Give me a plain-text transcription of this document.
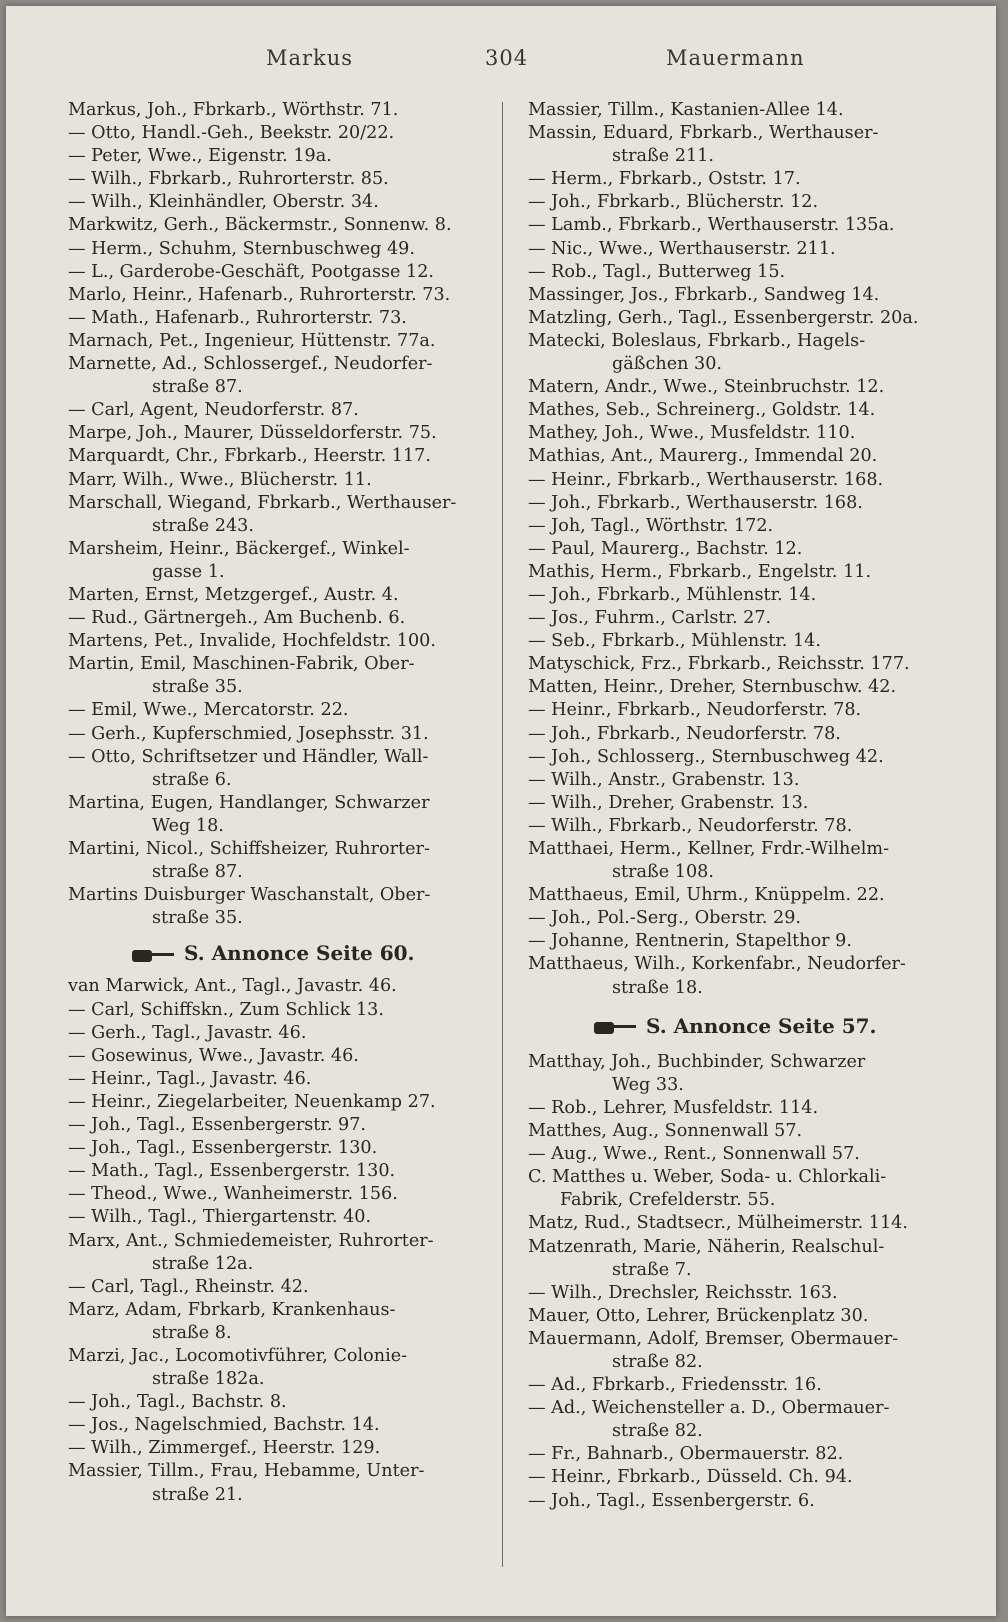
Markus	304	Mauermann
Markus, Joh., Fbrkarb., Wörthstr. 71.
— Otto, Handl.-Geh., Beekstr. 20/22.
— Peter, Wwe., Eigenstr. 19a.
— Wilh., Fbrkarb., Ruhrorterstr. 85.
— Wilh., Kleinhändler, Oberstr. 34.
Markwitz, Gerh., Bäckermstr., Sonnenw. 8.
— Herm., Schuhm, Sternbuschweg 49.
— L., Garderobe-Geschäft, Pootgasse 12.
Marlo, Heinr., Hafenarb., Ruhrorterstr. 73.
— Math., Hafenarb., Ruhrorterstr. 73.
Marnach, Pet., Ingenieur, Hüttenstr. 77a.
Marnette, Ad., Schlossergef., Neudorfer-
straße 87.
— Carl, Agent, Neudorferstr. 87.
Marpe, Joh., Maurer, Düsseldorferstr. 75.
Marquardt, Chr., Fbrkarb., Heerstr. 117.
Marr, Wilh., Wwe., Blücherstr. 11.
Marschall, Wiegand, Fbrkarb., Werthauser-
straße 243.
Marsheim, Heinr., Bäckergef., Winkel-
gasse 1.
Marten, Ernst, Metzgergef., Austr. 4.
— Rud., Gärtnergeh., Am Buchenb. 6.
Martens, Pet., Invalide, Hochfeldstr. 100.
Martin, Emil, Maschinen-Fabrik, Ober-
straße 35.
— Emil, Wwe., Mercatorstr. 22.
— Gerh., Kupferschmied, Josephsstr. 31.
— Otto, Schriftsetzer und Händler, Wall-
straße 6.
Martina, Eugen, Handlanger, Schwarzer
Weg 18.
Martini, Nicol., Schiffsheizer, Ruhrorter-
straße 87.
Martins Duisburger Waschanstalt, Ober-
straße 35.
S. Annonce Seite 60.
van Marwick, Ant., Tagl., Javastr. 46.
— Carl, Schiffskn., Zum Schlick 13.
— Gerh., Tagl., Javastr. 46.
— Gosewinus, Wwe., Javastr. 46.
— Heinr., Tagl., Javastr. 46.
— Heinr., Ziegelarbeiter, Neuenkamp 27.
— Joh., Tagl., Essenbergerstr. 97.
— Joh., Tagl., Essenbergerstr. 130.
— Math., Tagl., Essenbergerstr. 130.
— Theod., Wwe., Wanheimerstr. 156.
— Wilh., Tagl., Thiergartenstr. 40.
Marx, Ant., Schmiedemeister, Ruhrorter-
straße 12a.
— Carl, Tagl., Rheinstr. 42.
Marz, Adam, Fbrkarb, Krankenhaus-
straße 8.
Marzi, Jac., Locomotivführer, Colonie-
straße 182a.
— Joh., Tagl., Bachstr. 8.
— Jos., Nagelschmied, Bachstr. 14.
— Wilh., Zimmergef., Heerstr. 129.
Massier, Tillm., Frau, Hebamme, Unter-
straße 21.
Massier, Tillm., Kastanien-Allee 14.
Massin, Eduard, Fbrkarb., Werthauser-
straße 211.
— Herm., Fbrkarb., Oststr. 17.
— Joh., Fbrkarb., Blücherstr. 12.
— Lamb., Fbrkarb., Werthauserstr. 135a.
— Nic., Wwe., Werthauserstr. 211.
— Rob., Tagl., Butterweg 15.
Massinger, Jos., Fbrkarb., Sandweg 14.
Matzling, Gerh., Tagl., Essenbergerstr. 20a.
Matecki, Boleslaus, Fbrkarb., Hagels-
gäßchen 30.
Matern, Andr., Wwe., Steinbruchstr. 12.
Mathes, Seb., Schreinerg., Goldstr. 14.
Mathey, Joh., Wwe., Musfeldstr. 110.
Mathias, Ant., Maurerg., Immendal 20.
— Heinr., Fbrkarb., Werthauserstr. 168.
— Joh., Fbrkarb., Werthauserstr. 168.
— Joh, Tagl., Wörthstr. 172.
— Paul, Maurerg., Bachstr. 12.
Mathis, Herm., Fbrkarb., Engelstr. 11.
— Joh., Fbrkarb., Mühlenstr. 14.
— Jos., Fuhrm., Carlstr. 27.
— Seb., Fbrkarb., Mühlenstr. 14.
Matyschick, Frz., Fbrkarb., Reichsstr. 177.
Matten, Heinr., Dreher, Sternbuschw. 42.
— Heinr., Fbrkarb., Neudorferstr. 78.
— Joh., Fbrkarb., Neudorferstr. 78.
— Joh., Schlosserg., Sternbuschweg 42.
— Wilh., Anstr., Grabenstr. 13.
— Wilh., Dreher, Grabenstr. 13.
— Wilh., Fbrkarb., Neudorferstr. 78.
Matthaei, Herm., Kellner, Frdr.-Wilhelm-
straße 108.
Matthaeus, Emil, Uhrm., Knüppelm. 22.
— Joh., Pol.-Serg., Oberstr. 29.
— Johanne, Rentnerin, Stapelthor 9.
Matthaeus, Wilh., Korkenfabr., Neudorfer-
straße 18.
S. Annonce Seite 57.
Matthay, Joh., Buchbinder, Schwarzer
Weg 33.
— Rob., Lehrer, Musfeldstr. 114.
Matthes, Aug., Sonnenwall 57.
— Aug., Wwe., Rent., Sonnenwall 57.
C. Matthes u. Weber, Soda- u. Chlorkali-
Fabrik, Crefelderstr. 55.
Matz, Rud., Stadtsecr., Mülheimerstr. 114.
Matzenrath, Marie, Näherin, Realschul-
straße 7.
— Wilh., Drechsler, Reichsstr. 163.
Mauer, Otto, Lehrer, Brückenplatz 30.
Mauermann, Adolf, Bremser, Obermauer-
straße 82.
— Ad., Fbrkarb., Friedensstr. 16.
— Ad., Weichensteller a. D., Obermauer-
straße 82.
— Fr., Bahnarb., Obermauerstr. 82.
— Heinr., Fbrkarb., Düsseld. Ch. 94.
— Joh., Tagl., Essenbergerstr. 6.
